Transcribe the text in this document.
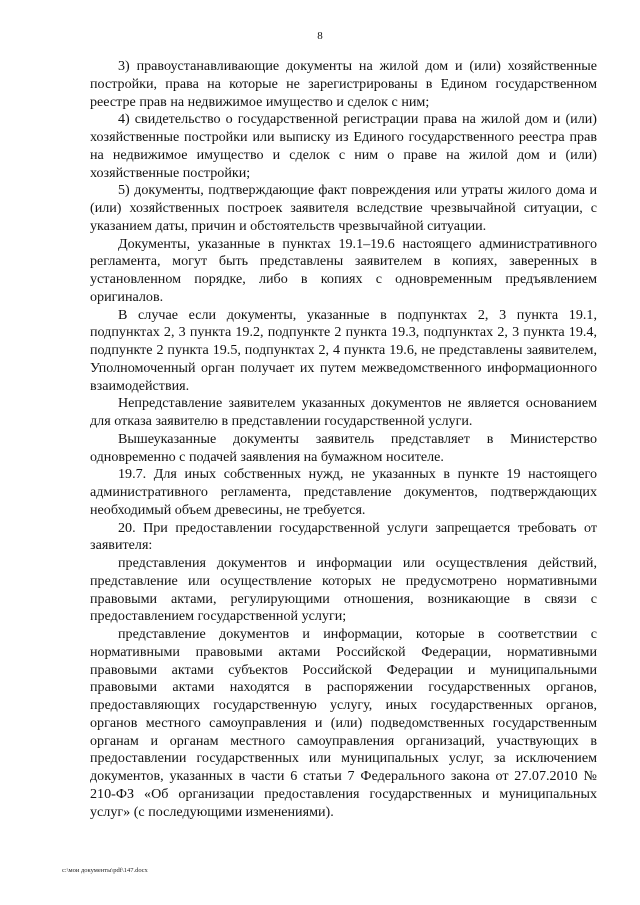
8

3) правоустанавливающие документы на жилой дом и (или) хозяйственные постройки, права на которые не зарегистрированы в Едином государственном реестре прав на недвижимое имущество и сделок с ним;

4) свидетельство о государственной регистрации права на жилой дом и (или) хозяйственные постройки или выписку из Единого государственного реестра прав на недвижимое имущество и сделок с ним о праве на жилой дом и (или) хозяйственные постройки;

5) документы, подтверждающие факт повреждения или утраты жилого дома и (или) хозяйственных построек заявителя вследствие чрезвычайной ситуации, с указанием даты, причин и обстоятельств чрезвычайной ситуации.

Документы, указанные в пунктах 19.1–19.6 настоящего административного регламента, могут быть представлены заявителем в копиях, заверенных в установленном порядке, либо в копиях с одновременным предъявлением оригиналов.

В случае если документы, указанные в подпунктах 2, 3 пункта 19.1, подпунктах 2, 3 пункта 19.2, подпункте 2 пункта 19.3, подпунктах 2, 3 пункта 19.4, подпункте 2 пункта 19.5, подпунктах 2, 4 пункта 19.6, не представлены заявителем, Уполномоченный орган получает их путем межведомственного информационного взаимодействия.

Непредставление заявителем указанных документов не является основанием для отказа заявителю в представлении государственной услуги.

Вышеуказанные документы заявитель представляет в Министерство одновременно с подачей заявления на бумажном носителе.

19.7. Для иных собственных нужд, не указанных в пункте 19 настоящего административного регламента, представление документов, подтверждающих необходимый объем древесины, не требуется.

20. При предоставлении государственной услуги запрещается требовать от заявителя:

представления документов и информации или осуществления действий, представление или осуществление которых не предусмотрено нормативными правовыми актами, регулирующими отношения, возникающие в связи с предоставлением государственной услуги;

представление документов и информации, которые в соответствии с нормативными правовыми актами Российской Федерации, нормативными правовыми актами субъектов Российской Федерации и муниципальными правовыми актами находятся в распоряжении государственных органов, предоставляющих государственную услугу, иных государственных органов, органов местного самоуправления и (или) подведомственных государственным органам и органам местного самоуправления организаций, участвующих в предоставлении государственных или муниципальных услуг, за исключением документов, указанных в части 6 статьи 7 Федерального закона от 27.07.2010 № 210-ФЗ «Об организации предоставления государственных и муниципальных услуг» (с последующими изменениями).

c:\мои документы\pdf\147.docx
